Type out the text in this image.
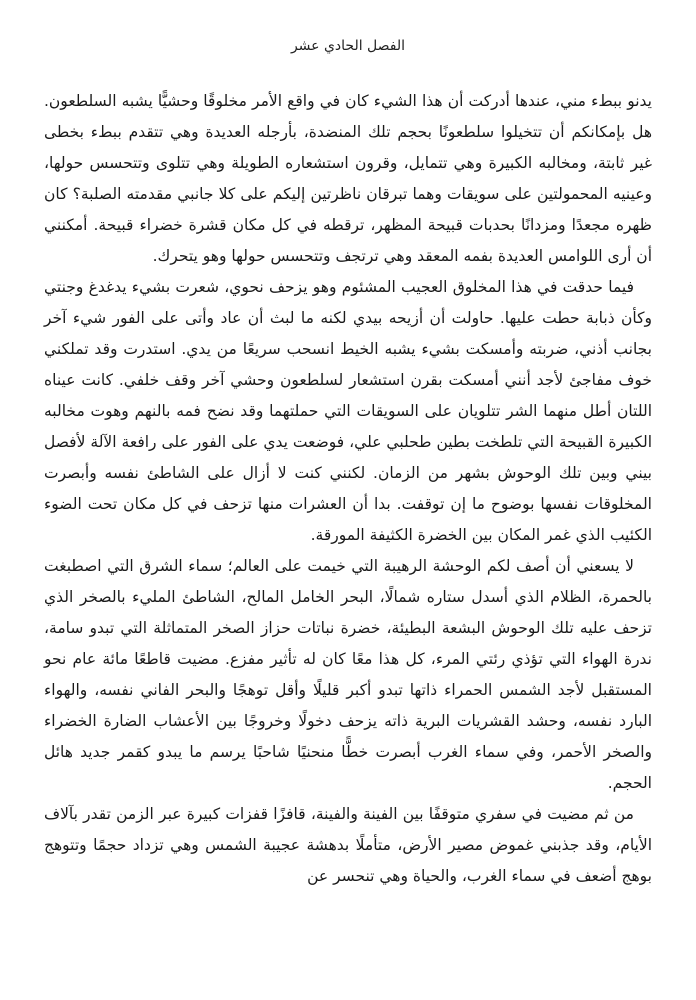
الفصل الحادي عشر

يدنو ببطء مني، عندها أدركت أن هذا الشيء كان في واقع الأمر مخلوقًا وحشيًّا يشبه السلطعون. هل بإمكانكم أن تتخيلوا سلطعونًا بحجم تلك المنضدة، بأرجله العديدة وهي تتقدم ببطء بخطى غير ثابتة، ومخالبه الكبيرة وهي تتمايل، وقرون استشعاره الطويلة وهي تتلوى وتتحسس حولها، وعينيه المحمولتين على سويقات وهما تبرقان ناظرتين إليكم على كلا جانبي مقدمته الصلبة؟ كان ظهره مجعدًا ومزدانًا بحدبات قبيحة المظهر، ترقطه في كل مكان قشرة خضراء قبيحة. أمكنني أن أرى اللوامس العديدة بفمه المعقد وهي ترتجف وتتحسس حولها وهو يتحرك.

فيما حدقت في هذا المخلوق العجيب المشئوم وهو يزحف نحوي، شعرت بشيء يدغدغ وجنتي وكأن ذبابة حطت عليها. حاولت أن أزيحه بيدي لكنه ما لبث أن عاد وأتى على الفور شيء آخر بجانب أذني، ضربته وأمسكت بشيء يشبه الخيط انسحب سريعًا من يدي. استدرت وقد تملكني خوف مفاجئ لأجد أنني أمسكت بقرن استشعار لسلطعون وحشي آخر وقف خلفي. كانت عيناه اللتان أطل منهما الشر تتلويان على السويقات التي حملتهما وقد نضح فمه بالنهم وهوت مخالبه الكبيرة القبيحة التي تلطخت بطين طحلبي علي، فوضعت يدي على الفور على رافعة الآلة لأفصل بيني وبين تلك الوحوش بشهر من الزمان. لكنني كنت لا أزال على الشاطئ نفسه وأبصرت المخلوقات نفسها بوضوح ما إن توقفت. بدا أن العشرات منها تزحف في كل مكان تحت الضوء الكئيب الذي غمر المكان بين الخضرة الكثيفة المورقة.

لا يسعني أن أصف لكم الوحشة الرهيبة التي خيمت على العالم؛ سماء الشرق التي اصطبغت بالحمرة، الظلام الذي أسدل ستاره شمالًا، البحر الخامل المالح، الشاطئ المليء بالصخر الذي تزحف عليه تلك الوحوش البشعة البطيئة، خضرة نباتات حزاز الصخر المتماثلة التي تبدو سامة، ندرة الهواء التي تؤذي رئتي المرء، كل هذا معًا كان له تأثير مفزع. مضيت قاطعًا مائة عام نحو المستقبل لأجد الشمس الحمراء ذاتها تبدو أكبر قليلًا وأقل توهجًا والبحر الفاني نفسه، والهواء البارد نفسه، وحشد القشريات البرية ذاته يزحف دخولًا وخروجًا بين الأعشاب الضارة الخضراء والصخر الأحمر، وفي سماء الغرب أبصرت خطًّا منحنيًا شاحبًا يرسم ما يبدو كقمر جديد هائل الحجم.

من ثم مضيت في سفري متوقفًا بين الفينة والفينة، قافزًا قفزات كبيرة عبر الزمن تقدر بآلاف الأيام، وقد جذبني غموض مصير الأرض، متأملًا بدهشة عجيبة الشمس وهي تزداد حجمًا وتتوهج بوهج أضعف في سماء الغرب، والحياة وهي تنحسر عن
